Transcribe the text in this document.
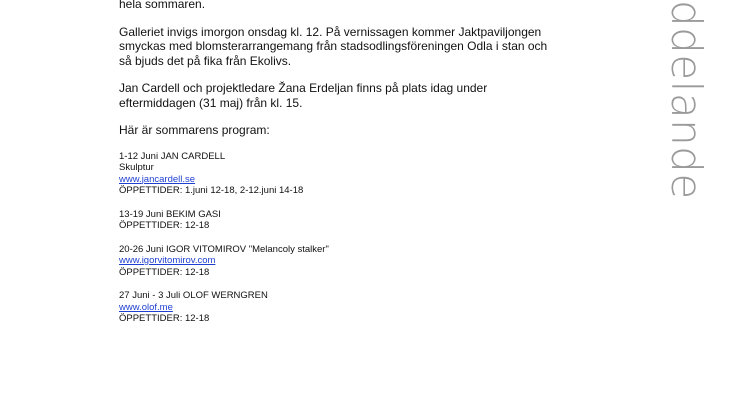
hela sommaren.

Galleriet invigs imorgon onsdag kl. 12. På vernissagen kommer Jaktpaviljongen
smyckas med blomsterarrangemang från stadsodlingsföreningen Odla i stan och
så bjuds det på fika från Ekolivs.

Jan Cardell och projektledare Žana Erdeljan finns på plats idag under
eftermiddagen (31 maj) från kl. 15.

Här är sommarens program:

1-12 Juni JAN CARDELL
Skulptur
www.jancardell.se
ÖPPETTIDER: 1.juni 12-18, 2-12.juni 14-18
13-19 Juni BEKIM GASI
ÖPPETTIDER: 12-18
20-26 Juni IGOR VITOMIROV "Melancoly stalker"
www.igorvitomirov.com
ÖPPETTIDER: 12-18
27 Juni - 3 Juli OLOF WERNGREN
www.olof.me
ÖPPETTIDER: 12-18
ddelande
